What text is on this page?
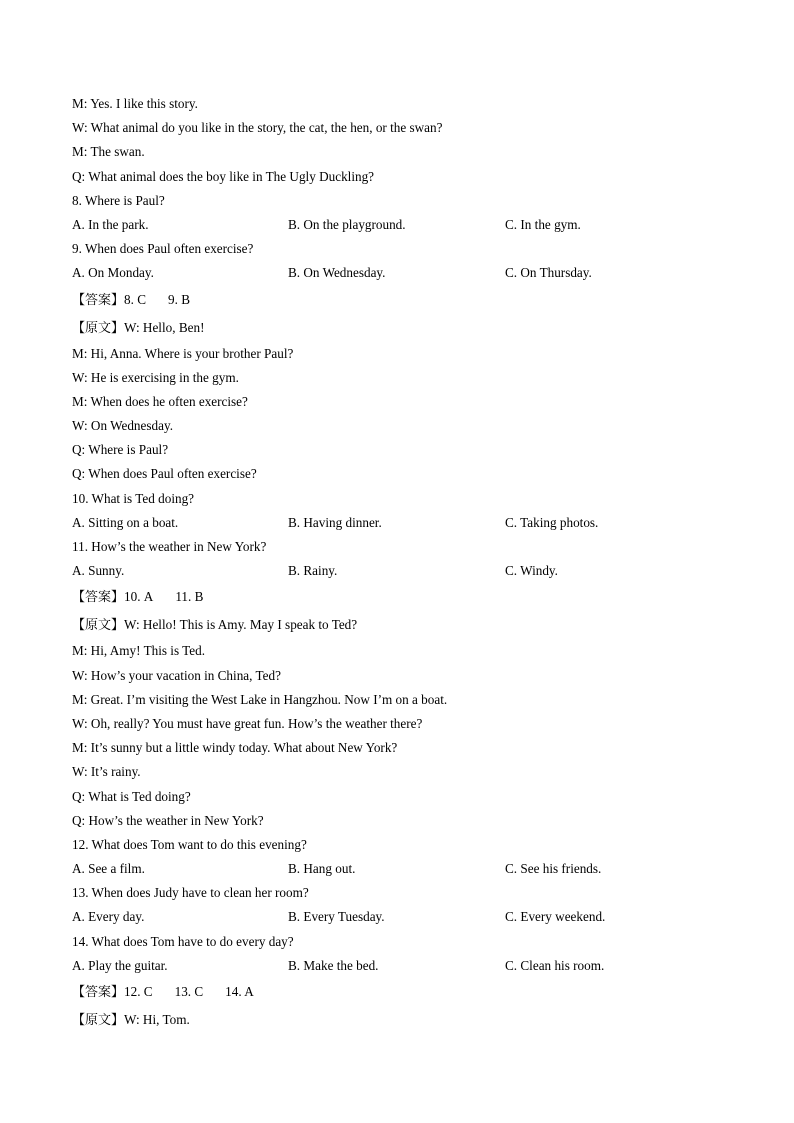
M: Yes. I like this story.
W: What animal do you like in the story, the cat, the hen, or the swan?
M: The swan.
Q: What animal does the boy like in The Ugly Duckling?
8. Where is Paul?
A. In the park.	B. On the playground.	C. In the gym.
9. When does Paul often exercise?
A. On Monday.	B. On Wednesday.	C. On Thursday.
【答案】8. C 9. B
【原文】W: Hello, Ben!
M: Hi, Anna. Where is your brother Paul?
W: He is exercising in the gym.
M: When does he often exercise?
W: On Wednesday.
Q: Where is Paul?
Q: When does Paul often exercise?
10. What is Ted doing?
A. Sitting on a boat.	B. Having dinner.	C. Taking photos.
11. How’s the weather in New York?
A. Sunny.	B. Rainy.	C. Windy.
【答案】10. A 11. B
【原文】W: Hello! This is Amy. May I speak to Ted?
M: Hi, Amy! This is Ted.
W: How’s your vacation in China, Ted?
M: Great. I’m visiting the West Lake in Hangzhou. Now I’m on a boat.
W: Oh, really? You must have great fun. How’s the weather there?
M: It’s sunny but a little windy today. What about New York?
W: It’s rainy.
Q: What is Ted doing?
Q: How’s the weather in New York?
12. What does Tom want to do this evening?
A. See a film.	B. Hang out.	C. See his friends.
13. When does Judy have to clean her room?
A. Every day.	B. Every Tuesday.	C. Every weekend.
14. What does Tom have to do every day?
A. Play the guitar.	B. Make the bed.	C. Clean his room.
【答案】12. C 13. C 14. A
【原文】W: Hi, Tom.
